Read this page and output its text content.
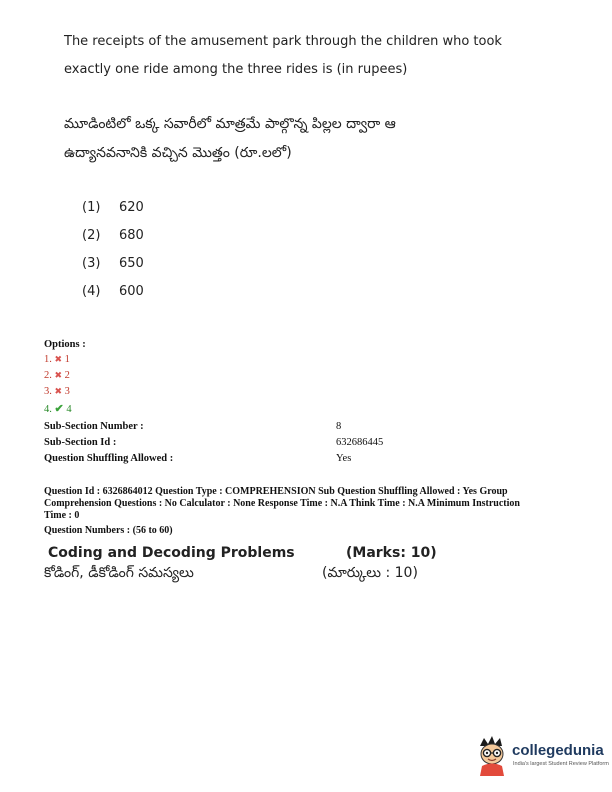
The receipts of the amusement park through the children who took
exactly one ride among the three rides is (in rupees)
మూడింటిలో ఒక్క సవారీలో మాత్రమే పాల్గొన్న పిల్లల ద్వారా ఆ
ఉద్యానవనానికి వచ్చిన మొత్తం (రూ.లలో)
(1) 620
(2) 680
(3) 650
(4) 600
Options :
1. ✖ 1
2. ✖ 2
3. ✖ 3
4. ✔ 4
Sub-Section Number :	8
Sub-Section Id :	632686445
Question Shuffling Allowed :	Yes
Question Id : 6326864012 Question Type : COMPREHENSION Sub Question Shuffling Allowed : Yes Group
Comprehension Questions : No Calculator : None Response Time : N.A Think Time : N.A Minimum Instruction
Time : 0
Question Numbers : (56 to 60)
Coding and Decoding Problems	(Marks: 10)
కోడింగ్, డీకోడింగ్ సమస్యలు	(మార్కులు : 10)
collegedunia
India's largest Student Review Platform
